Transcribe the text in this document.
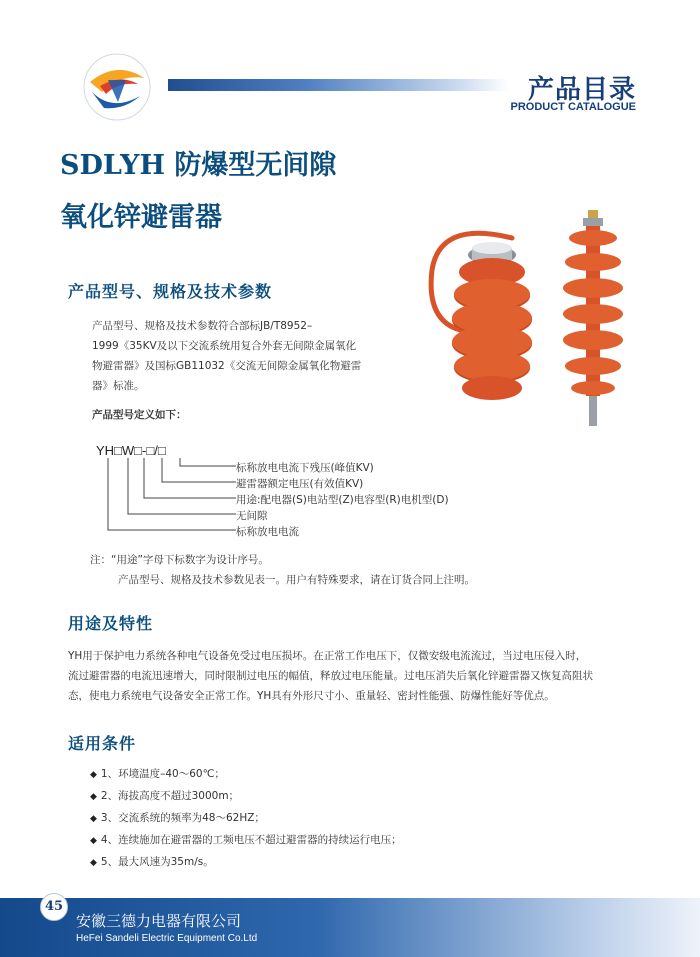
产品目录
PRODUCT CATALOGUE
SDLYH 防爆型无间隙
氧化锌避雷器
产品型号、规格及技术参数
产品型号、规格及技术参数符合部标JB/T8952–
1999《35KV及以下交流系统用复合外套无间隙金属氧化
物避雷器》及国标GB11032《交流无间隙金属氧化物避雷
器》标准。
产品型号定义如下：
YH□W□-□/□
标称放电电流下残压(峰值KV)
避雷器额定电压(有效值KV)
用途:配电器(S)电站型(Z)电容型(R)电机型(D)
无间隙
标称放电电流
注：“用途”字母下标数字为设计序号。
产品型号、规格及技术参数见表一。用户有特殊要求，请在订货合同上注明。
用途及特性
YH用于保护电力系统各种电气设备免受过电压损坏。在正常工作电压下，仅微安级电流流过，当过电压侵入时，
流过避雷器的电流迅速增大，同时限制过电压的幅值，释放过电压能量。过电压消失后氧化锌避雷器又恢复高阻状
态，使电力系统电气设备安全正常工作。YH具有外形尺寸小、重量轻、密封性能强、防爆性能好等优点。
适用条件
◆ 1、环境温度–40～60℃；
◆ 2、海拔高度不超过3000m；
◆ 3、交流系统的频率为48～62HZ；
◆ 4、连续施加在避雷器的工频电压不超过避雷器的持续运行电压；
◆ 5、最大风速为35m/s。
45
安徽三德力电器有限公司
HeFei Sandeli Electric Equipment Co.Ltd
